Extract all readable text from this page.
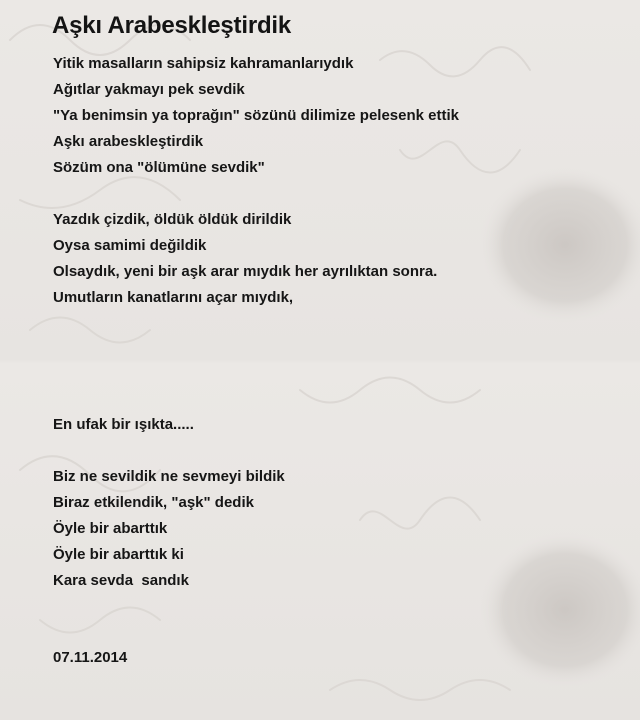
Aşkı Arabeskleştirdik

Yitik masalların sahipsiz kahramanlarıydık

Ağıtlar yakmayı pek sevdik

"Ya benimsin ya toprağın" sözünü dilimize pelesenk ettik

Aşkı arabeskleştirdik

Sözüm ona "ölümüne sevdik"

Yazdık çizdik, öldük öldük dirildik

Oysa samimi değildik

Olsaydık, yeni bir aşk arar mıydık her ayrılıktan sonra.

Umutların kanatlarını açar mıydık,

En ufak bir ışıkta.....

Biz ne sevildik ne sevmeyi bildik

Biraz etkilendik, "aşk" dedik

Öyle bir abarttık

Öyle bir abarttık ki

Kara sevda  sandık

07.11.2014
